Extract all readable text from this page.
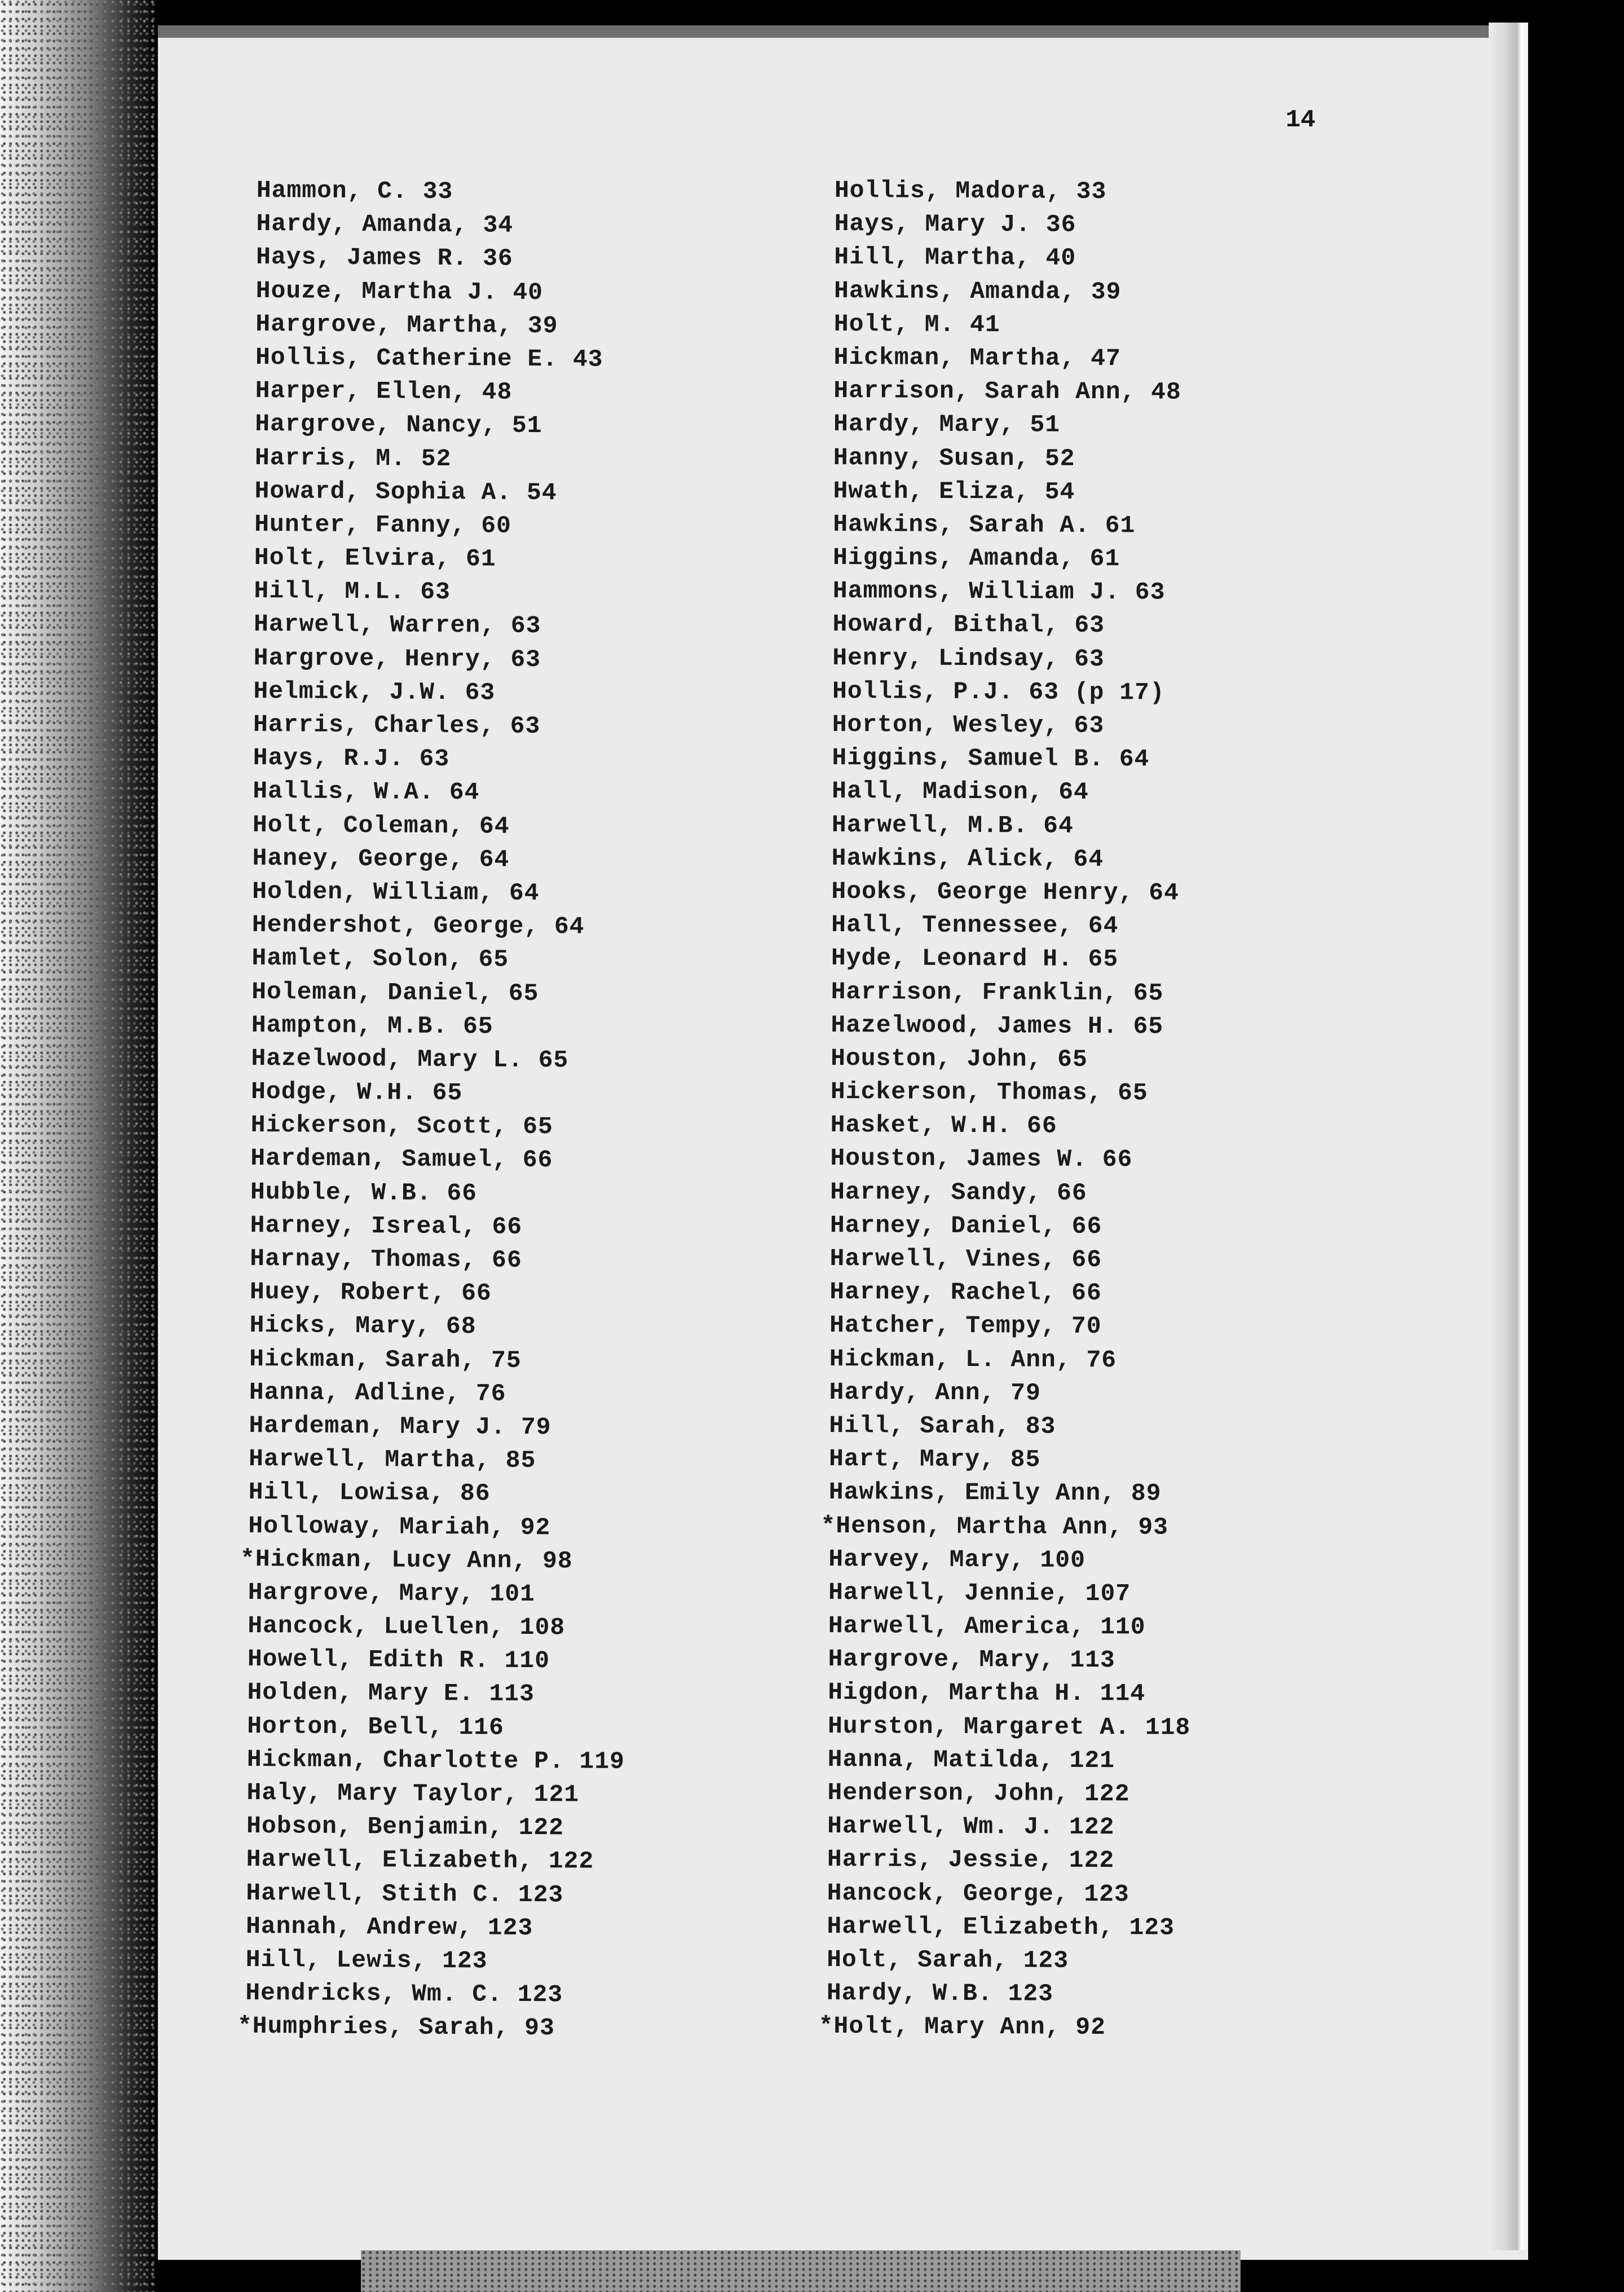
14
Hammon, C. 33
Hardy, Amanda, 34
Hays, James R. 36
Houze, Martha J. 40
Hargrove, Martha, 39
Hollis, Catherine E. 43
Harper, Ellen, 48
Hargrove, Nancy, 51
Harris, M. 52
Howard, Sophia A. 54
Hunter, Fanny, 60
Holt, Elvira, 61
Hill, M.L. 63
Harwell, Warren, 63
Hargrove, Henry, 63
Helmick, J.W. 63
Harris, Charles, 63
Hays, R.J. 63
Hallis, W.A. 64
Holt, Coleman, 64
Haney, George, 64
Holden, William, 64
Hendershot, George, 64
Hamlet, Solon, 65
Holeman, Daniel, 65
Hampton, M.B. 65
Hazelwood, Mary L. 65
Hodge, W.H. 65
Hickerson, Scott, 65
Hardeman, Samuel, 66
Hubble, W.B. 66
Harney, Isreal, 66
Harnay, Thomas, 66
Huey, Robert, 66
Hicks, Mary, 68
Hickman, Sarah, 75
Hanna, Adline, 76
Hardeman, Mary J. 79
Harwell, Martha, 85
Hill, Lowisa, 86
Holloway, Mariah, 92
*Hickman, Lucy Ann, 98
Hargrove, Mary, 101
Hancock, Luellen, 108
Howell, Edith R. 110
Holden, Mary E. 113
Horton, Bell, 116
Hickman, Charlotte P. 119
Haly, Mary Taylor, 121
Hobson, Benjamin, 122
Harwell, Elizabeth, 122
Harwell, Stith C. 123
Hannah, Andrew, 123
Hill, Lewis, 123
Hendricks, Wm. C. 123
*Humphries, Sarah, 93
Hollis, Madora, 33
Hays, Mary J. 36
Hill, Martha, 40
Hawkins, Amanda, 39
Holt, M. 41
Hickman, Martha, 47
Harrison, Sarah Ann, 48
Hardy, Mary, 51
Hanny, Susan, 52
Hwath, Eliza, 54
Hawkins, Sarah A. 61
Higgins, Amanda, 61
Hammons, William J. 63
Howard, Bithal, 63
Henry, Lindsay, 63
Hollis, P.J. 63 (p 17)
Horton, Wesley, 63
Higgins, Samuel B. 64
Hall, Madison, 64
Harwell, M.B. 64
Hawkins, Alick, 64
Hooks, George Henry, 64
Hall, Tennessee, 64
Hyde, Leonard H. 65
Harrison, Franklin, 65
Hazelwood, James H. 65
Houston, John, 65
Hickerson, Thomas, 65
Hasket, W.H. 66
Houston, James W. 66
Harney, Sandy, 66
Harney, Daniel, 66
Harwell, Vines, 66
Harney, Rachel, 66
Hatcher, Tempy, 70
Hickman, L. Ann, 76
Hardy, Ann, 79
Hill, Sarah, 83
Hart, Mary, 85
Hawkins, Emily Ann, 89
*Henson, Martha Ann, 93
Harvey, Mary, 100
Harwell, Jennie, 107
Harwell, America, 110
Hargrove, Mary, 113
Higdon, Martha H. 114
Hurston, Margaret A. 118
Hanna, Matilda, 121
Henderson, John, 122
Harwell, Wm. J. 122
Harris, Jessie, 122
Hancock, George, 123
Harwell, Elizabeth, 123
Holt, Sarah, 123
Hardy, W.B. 123
*Holt, Mary Ann, 92
